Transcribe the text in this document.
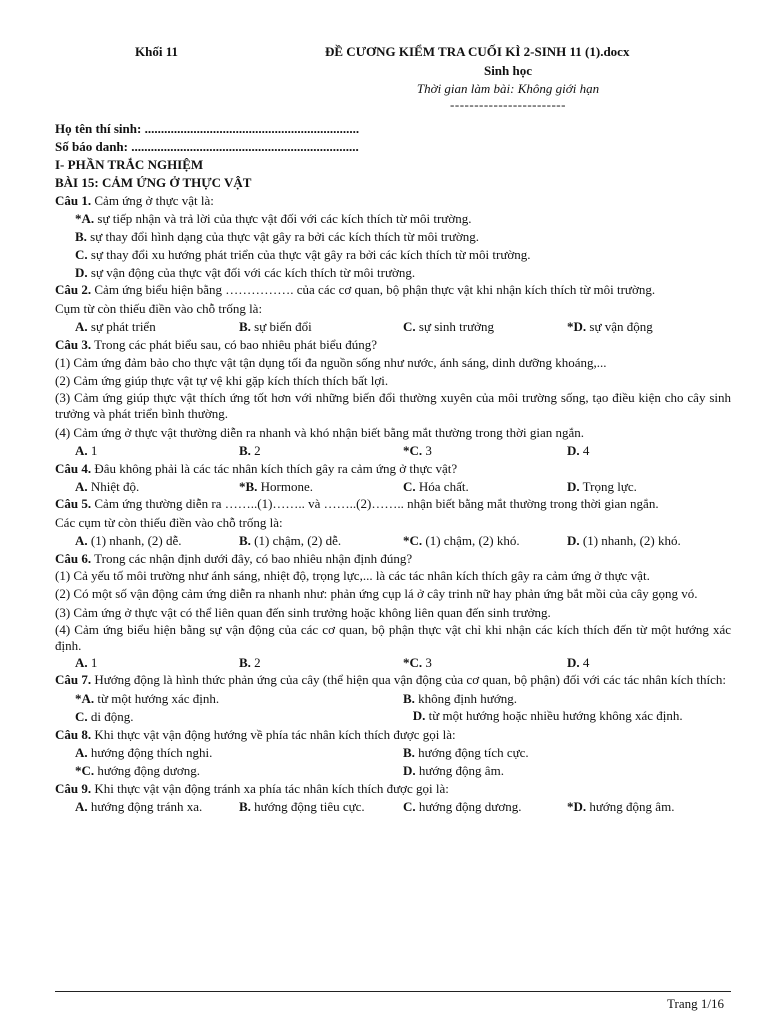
Khối 11	ĐỀ CƯƠNG KIỂM TRA CUỐI KÌ 2-SINH 11 (1).docx
Sinh học
Thời gian làm bài: Không giới hạn
------------------------
Họ tên thí sinh: ..................................................................
Số báo danh: ......................................................................
I- PHẦN TRẮC NGHIỆM
BÀI 15: CẢM ỨNG Ở THỰC VẬT
Câu 1. Cảm ứng ở thực vật là:
*A. sự tiếp nhận và trả lời của thực vật đối với các kích thích từ môi trường.
B. sự thay đổi hình dạng của thực vật gây ra bởi các kích thích từ môi trường.
C. sự thay đổi xu hướng phát triển của thực vật gây ra bởi các kích thích từ môi trường.
D. sự vận động của thực vật đối với các kích thích từ môi trường.
Câu 2. Cảm ứng biểu hiện bằng ……………. của các cơ quan, bộ phận thực vật khi nhận kích thích từ môi trường.
Cụm từ còn thiếu điền vào chỗ trống là:
A. sự phát triển	B. sự biến đổi	C. sự sinh trưởng	*D. sự vận động
Câu 3. Trong các phát biểu sau, có bao nhiêu phát biểu đúng?
(1) Cảm ứng đảm bảo cho thực vật tận dụng tối đa nguồn sống như nước, ánh sáng, dinh dưỡng khoáng,...
(2) Cảm ứng giúp thực vật tự vệ khi gặp kích thích thích bất lợi.
(3) Cảm ứng giúp thực vật thích ứng tốt hơn với những biến đổi thường xuyên của môi trường sống, tạo điều kiện cho cây sinh trưởng và phát triển bình thường.
(4) Cảm ứng ở thực vật thường diễn ra nhanh và khó nhận biết bằng mắt thường trong thời gian ngắn.
A. 1	B. 2	*C. 3	D. 4
Câu 4. Đâu không phải là các tác nhân kích thích gây ra cảm ứng ở thực vật?
A. Nhiệt độ.	*B. Hormone.	C. Hóa chất.	D. Trọng lực.
Câu 5. Cảm ứng thường diễn ra ……..(1)…….. và ……..(2)…….. nhận biết bằng mắt thường trong thời gian ngắn.
Các cụm từ còn thiếu điền vào chỗ trống là:
A. (1) nhanh, (2) dễ.	B. (1) chậm, (2) dễ.	*C. (1) chậm, (2) khó.	D. (1) nhanh, (2) khó.
Câu 6. Trong các nhận định dưới đây, có bao nhiêu nhận định đúng?
(1) Cả yếu tố môi trường như ánh sáng, nhiệt độ, trọng lực,... là các tác nhân kích thích gây ra cảm ứng ở thực vật.
(2) Có một số vận động cảm ứng diễn ra nhanh như: phản ứng cụp lá ở cây trinh nữ hay phản ứng bắt mồi của cây gọng vó.
(3) Cảm ứng ở thực vật có thể liên quan đến sinh trưởng hoặc không liên quan đến sinh trưởng.
(4) Cảm ứng biểu hiện bằng sự vận động của các cơ quan, bộ phận thực vật chỉ khi nhận các kích thích đến từ một hướng xác định.
A. 1	B. 2	*C. 3	D. 4
Câu 7. Hướng động là hình thức phản ứng của cây (thể hiện qua vận động của cơ quan, bộ phận) đối với các tác nhân kích thích:
*A. từ một hướng xác định.	B. không định hướng.
C. di động.	D. từ một hướng hoặc nhiều hướng không xác định.
Câu 8. Khi thực vật vận động hướng về phía tác nhân kích thích được gọi là:
A. hướng động thích nghi.	B. hướng động tích cực.
*C. hướng động dương.	D. hướng động âm.
Câu 9. Khi thực vật vận động tránh xa phía tác nhân kích thích được gọi là:
A. hướng động tránh xa.	B. hướng động tiêu cực.	C. hướng động dương.	*D. hướng động âm.
Trang 1/16
